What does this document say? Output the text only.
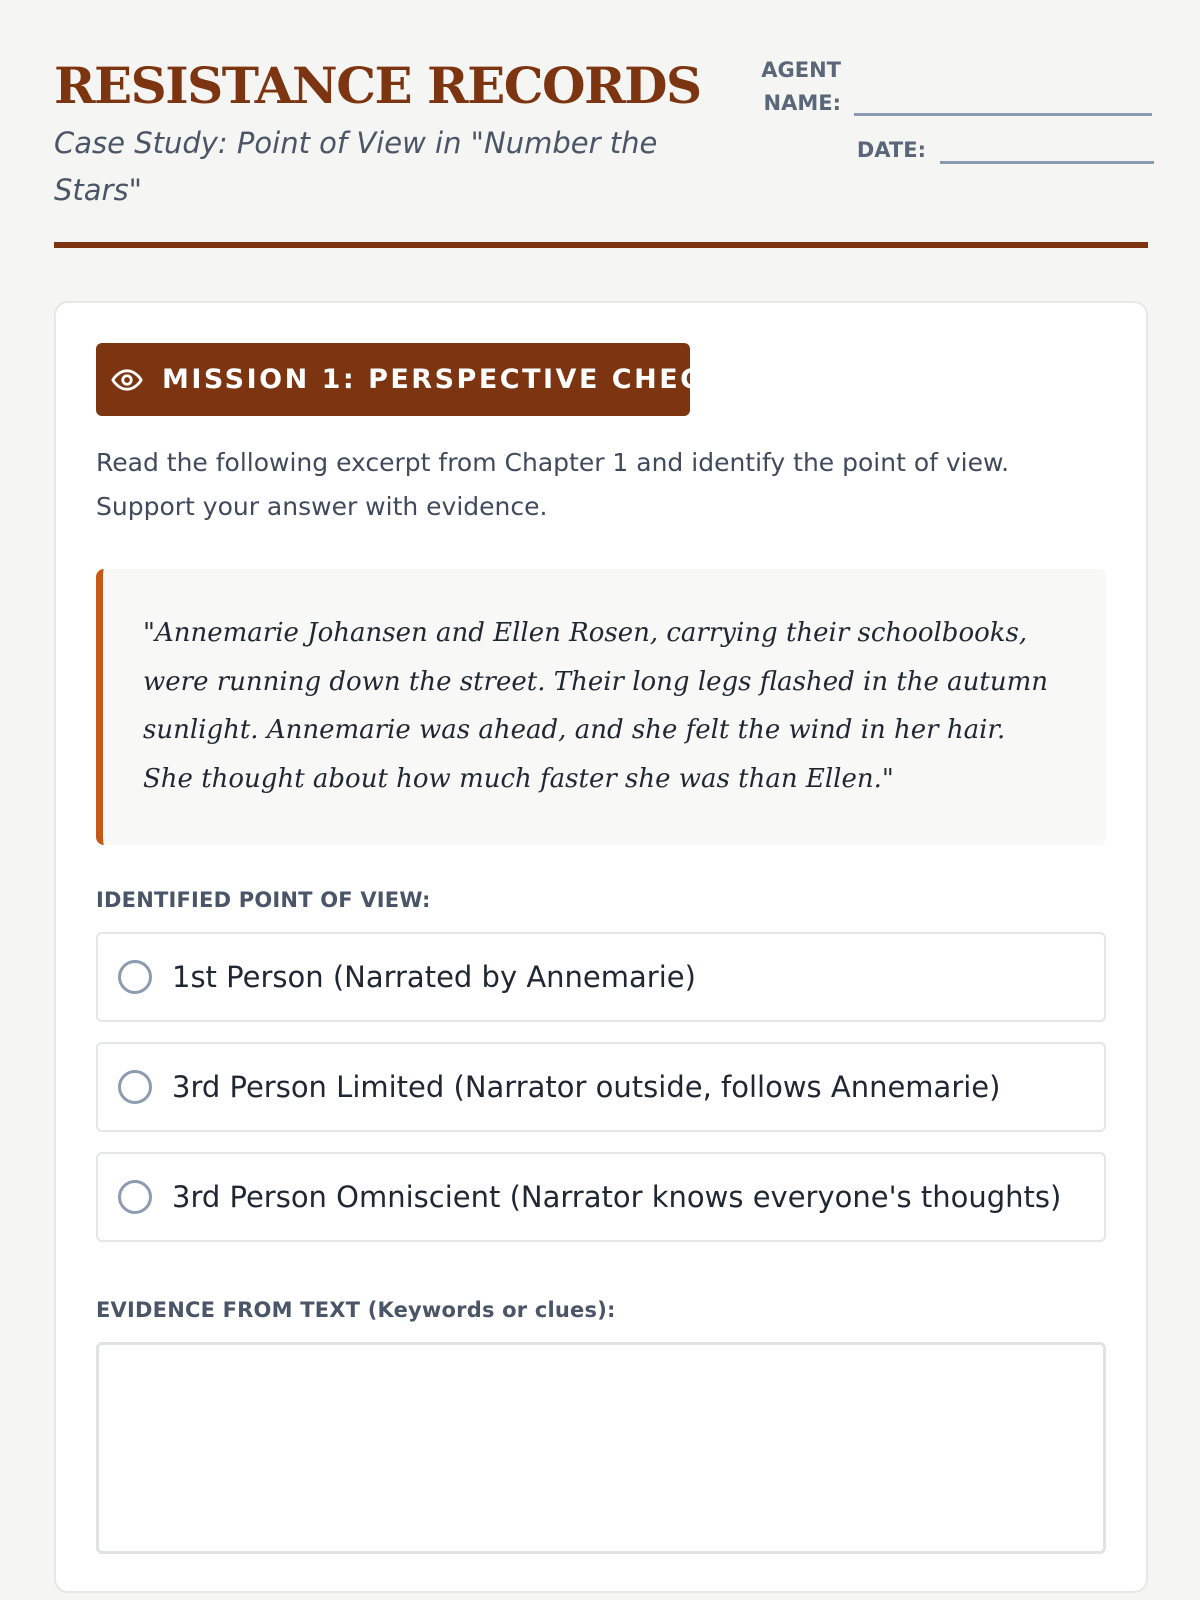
RESISTANCE RECORDS
Case Study: Point of View in "Number the Stars"
AGENT
NAME:
DATE:
MISSION 1: PERSPECTIVE CHECK

Read the following excerpt from Chapter 1 and identify the point of view. Support your answer with evidence.

"Annemarie Johansen and Ellen Rosen, carrying their schoolbooks, were running down the street. Their long legs flashed in the autumn sunlight. Annemarie was ahead, and she felt the wind in her hair. She thought about how much faster she was than Ellen."

IDENTIFIED POINT OF VIEW:
1st Person (Narrated by Annemarie)
3rd Person Limited (Narrator outside, follows Annemarie)
3rd Person Omniscient (Narrator knows everyone's thoughts)
EVIDENCE FROM TEXT (Keywords or clues):
